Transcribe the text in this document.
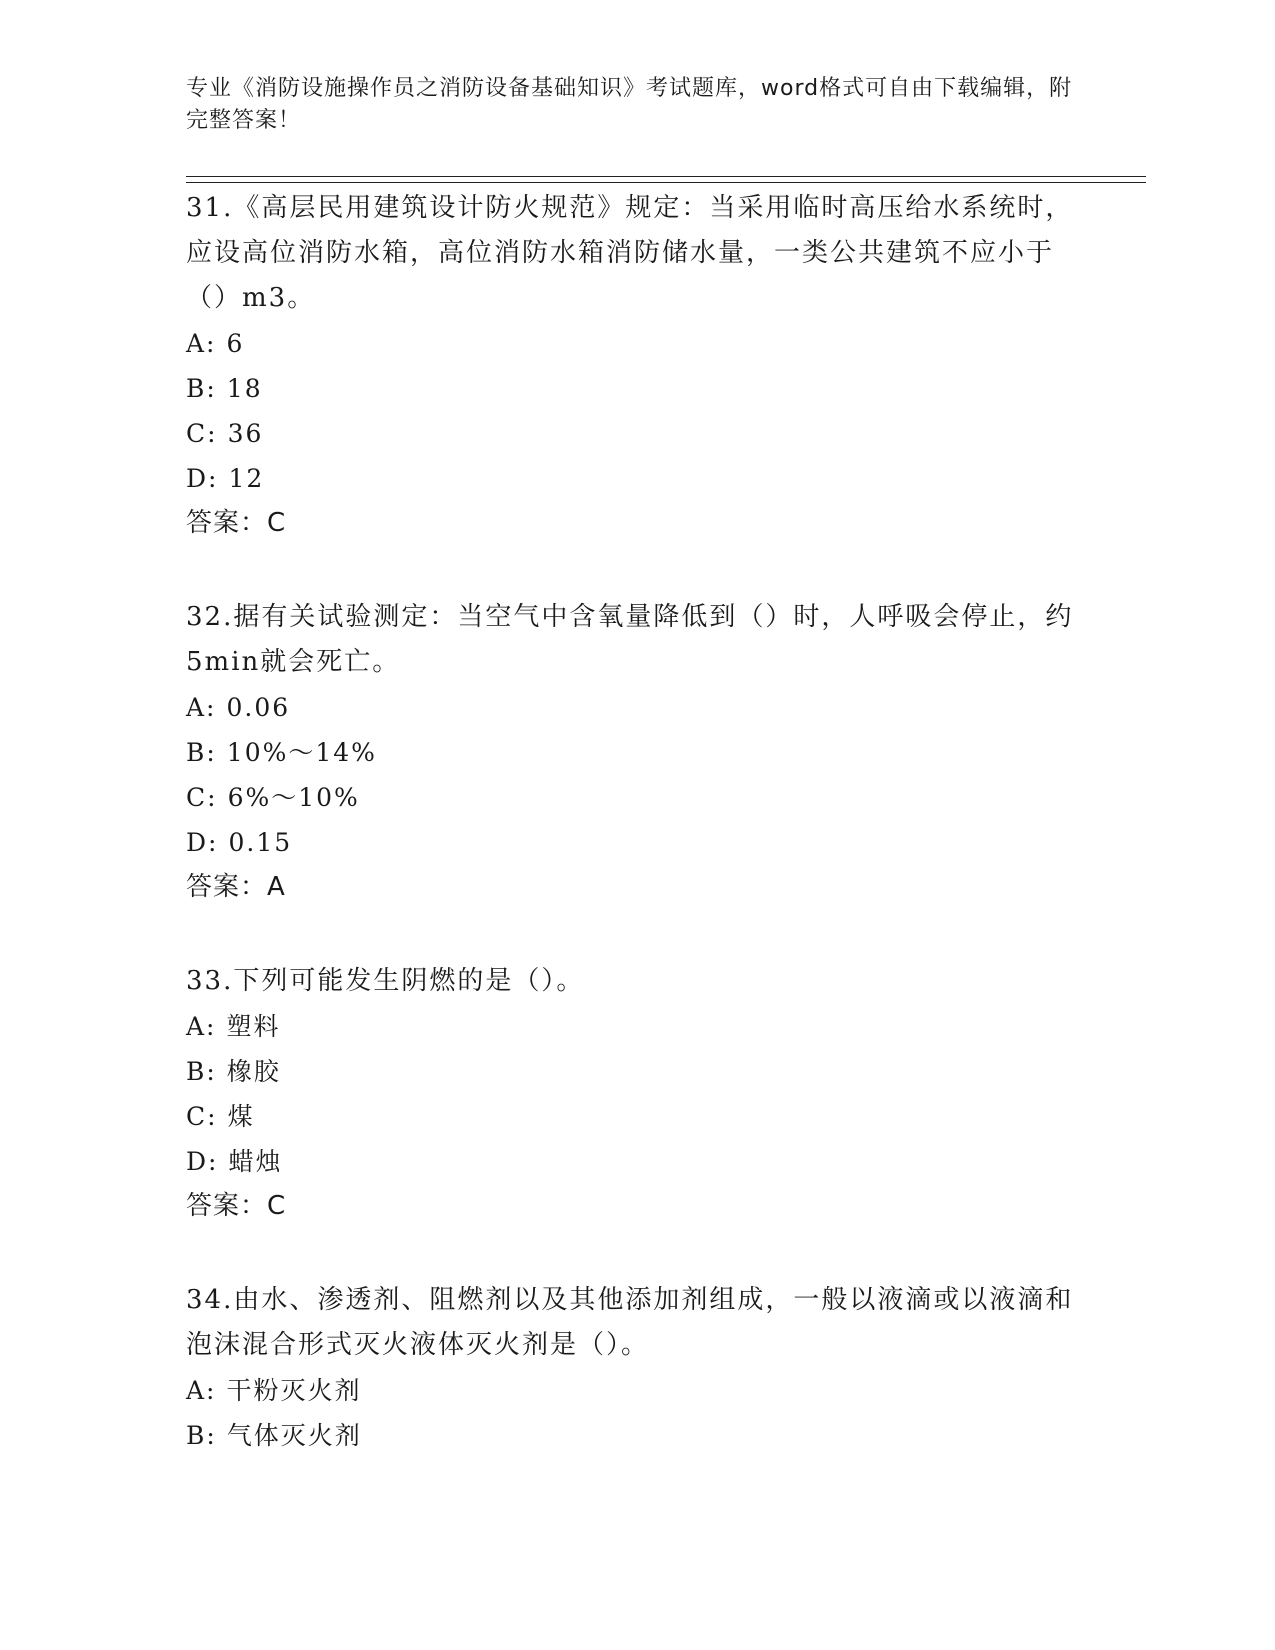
专业《消防设施操作员之消防设备基础知识》考试题库，word格式可自由下载编辑，附完整答案！
31.《高层民用建筑设计防火规范》规定：当采用临时高压给水系统时，应设高位消防水箱，高位消防水箱消防储水量，一类公共建筑不应小于（）m3。
A: 6
B: 18
C: 36
D: 12
答案：C
32.据有关试验测定：当空气中含氧量降低到（）时，人呼吸会停止，约5min就会死亡。
A: 0.06
B: 10%～14%
C: 6%～10%
D: 0.15
答案：A
33.下列可能发生阴燃的是（）。
A: 塑料
B: 橡胶
C: 煤
D: 蜡烛
答案：C
34.由水、渗透剂、阻燃剂以及其他添加剂组成，一般以液滴或以液滴和泡沫混合形式灭火液体灭火剂是（）。
A: 干粉灭火剂
B: 气体灭火剂
